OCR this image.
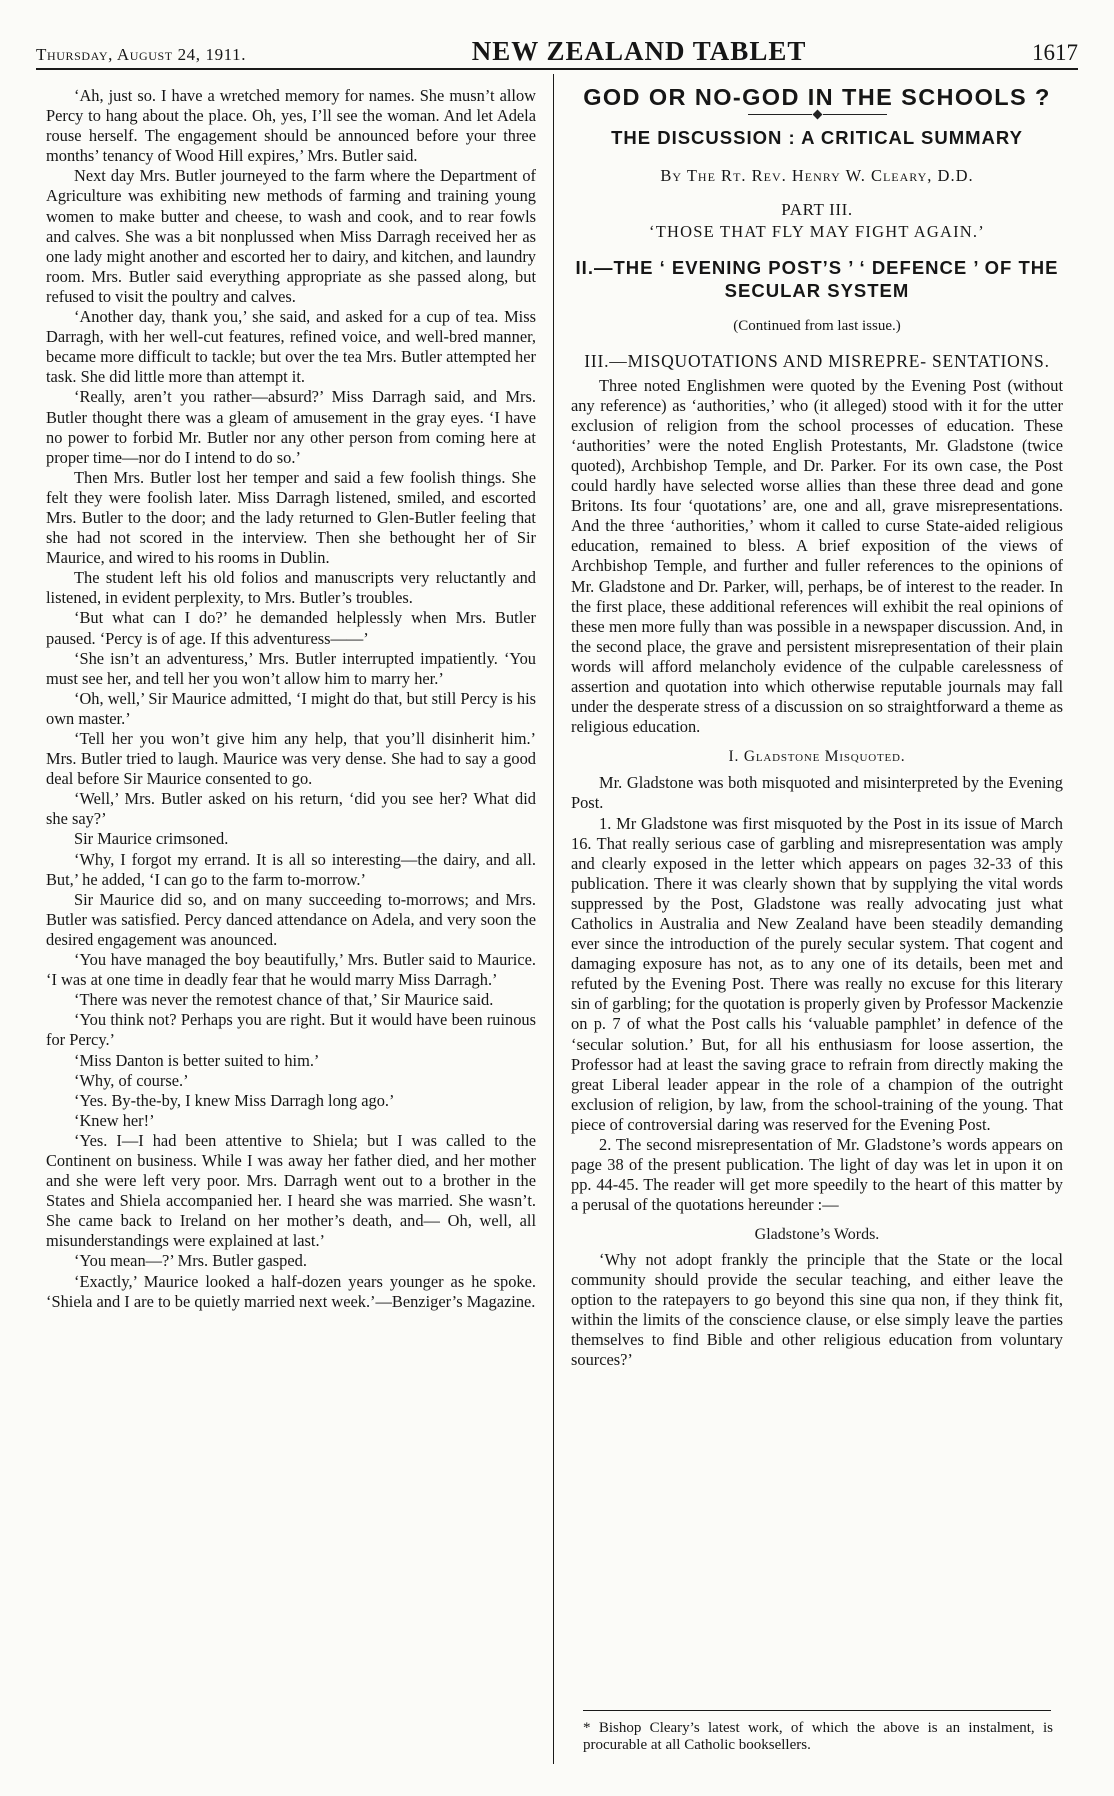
Thursday, August 24, 1911.	NEW ZEALAND TABLET	1617

‘Ah, just so. I have a wretched memory for names. She musn’t allow Percy to hang about the place. Oh, yes, I’ll see the woman. And let Adela rouse herself. The engagement should be announced before your three months’ tenancy of Wood Hill expires,’ Mrs. Butler said.

Next day Mrs. Butler journeyed to the farm where the Department of Agriculture was exhibiting new methods of farming and training young women to make butter and cheese, to wash and cook, and to rear fowls and calves. She was a bit nonplussed when Miss Darragh received her as one lady might another and escorted her to dairy, and kitchen, and laundry room. Mrs. Butler said everything appropriate as she passed along, but refused to visit the poultry and calves.

‘Another day, thank you,’ she said, and asked for a cup of tea. Miss Darragh, with her well-cut features, refined voice, and well-bred manner, became more difficult to tackle; but over the tea Mrs. Butler attempted her task. She did little more than attempt it.

‘Really, aren’t you rather—absurd?’ Miss Darragh said, and Mrs. Butler thought there was a gleam of amusement in the gray eyes. ‘I have no power to forbid Mr. Butler nor any other person from coming here at proper time—nor do I intend to do so.’

Then Mrs. Butler lost her temper and said a few foolish things. She felt they were foolish later. Miss Darragh listened, smiled, and escorted Mrs. Butler to the door; and the lady returned to Glen-Butler feeling that she had not scored in the interview. Then she bethought her of Sir Maurice, and wired to his rooms in Dublin.

The student left his old folios and manuscripts very reluctantly and listened, in evident perplexity, to Mrs. Butler’s troubles.

‘But what can I do?’ he demanded helplessly when Mrs. Butler paused. ‘Percy is of age. If this adventuress——’

‘She isn’t an adventuress,’ Mrs. Butler interrupted impatiently. ‘You must see her, and tell her you won’t allow him to marry her.’

‘Oh, well,’ Sir Maurice admitted, ‘I might do that, but still Percy is his own master.’

‘Tell her you won’t give him any help, that you’ll disinherit him.’ Mrs. Butler tried to laugh. Maurice was very dense. She had to say a good deal before Sir Maurice consented to go.

‘Well,’ Mrs. Butler asked on his return, ‘did you see her? What did she say?’

Sir Maurice crimsoned.

‘Why, I forgot my errand. It is all so interesting—the dairy, and all. But,’ he added, ‘I can go to the farm to-morrow.’

Sir Maurice did so, and on many succeeding to-morrows; and Mrs. Butler was satisfied. Percy danced attendance on Adela, and very soon the desired engagement was anounced.

‘You have managed the boy beautifully,’ Mrs. Butler said to Maurice. ‘I was at one time in deadly fear that he would marry Miss Darragh.’

‘There was never the remotest chance of that,’ Sir Maurice said.

‘You think not? Perhaps you are right. But it would have been ruinous for Percy.’

‘Miss Danton is better suited to him.’

‘Why, of course.’

‘Yes. By-the-by, I knew Miss Darragh long ago.’

‘Knew her!’

‘Yes. I—I had been attentive to Shiela; but I was called to the Continent on business. While I was away her father died, and her mother and she were left very poor. Mrs. Darragh went out to a brother in the States and Shiela accompanied her. I heard she was married. She wasn’t. She came back to Ireland on her mother’s death, and— Oh, well, all misunderstandings were explained at last.’

‘You mean—?’ Mrs. Butler gasped.

‘Exactly,’ Maurice looked a half-dozen years younger as he spoke. ‘Shiela and I are to be quietly married next week.’—Benziger’s Magazine.

GOD OR NO-GOD IN THE SCHOOLS ?
THE DISCUSSION : A CRITICAL SUMMARY
By The Rt. Rev. Henry W. Cleary, D.D.
PART III.
‘THOSE THAT FLY MAY FIGHT AGAIN.’
II.—THE ‘ EVENING POST’S ’ ‘ DEFENCE ’ OF THE SECULAR SYSTEM
(Continued from last issue.)
III.—MISQUOTATIONS AND MISREPRE- SENTATIONS.

Three noted Englishmen were quoted by the Evening Post (without any reference) as ‘authorities,’ who (it alleged) stood with it for the utter exclusion of religion from the school processes of education. These ‘authorities’ were the noted English Protestants, Mr. Gladstone (twice quoted), Archbishop Temple, and Dr. Parker. For its own case, the Post could hardly have selected worse allies than these three dead and gone Britons. Its four ‘quotations’ are, one and all, grave misrepresentations. And the three ‘authorities,’ whom it called to curse State-aided religious education, remained to bless. A brief exposition of the views of Archbishop Temple, and further and fuller references to the opinions of Mr. Gladstone and Dr. Parker, will, perhaps, be of interest to the reader. In the first place, these additional references will exhibit the real opinions of these men more fully than was possible in a newspaper discussion. And, in the second place, the grave and persistent misrepresentation of their plain words will afford melancholy evidence of the culpable carelessness of assertion and quotation into which otherwise reputable journals may fall under the desperate stress of a discussion on so straightforward a theme as religious education.

I. Gladstone Misquoted.

Mr. Gladstone was both misquoted and misinterpreted by the Evening Post.

1. Mr Gladstone was first misquoted by the Post in its issue of March 16. That really serious case of garbling and misrepresentation was amply and clearly exposed in the letter which appears on pages 32-33 of this publication. There it was clearly shown that by supplying the vital words suppressed by the Post, Gladstone was really advocating just what Catholics in Australia and New Zealand have been steadily demanding ever since the introduction of the purely secular system. That cogent and damaging exposure has not, as to any one of its details, been met and refuted by the Evening Post. There was really no excuse for this literary sin of garbling; for the quotation is properly given by Professor Mackenzie on p. 7 of what the Post calls his ‘valuable pamphlet’ in defence of the ‘secular solution.’ But, for all his enthusiasm for loose assertion, the Professor had at least the saving grace to refrain from directly making the great Liberal leader appear in the role of a champion of the outright exclusion of religion, by law, from the school-training of the young. That piece of controversial daring was reserved for the Evening Post.

2. The second misrepresentation of Mr. Gladstone’s words appears on page 38 of the present publication. The light of day was let in upon it on pp. 44-45. The reader will get more speedily to the heart of this matter by a perusal of the quotations hereunder :—

Gladstone’s Words.

‘Why not adopt frankly the principle that the State or the local community should provide the secular teaching, and either leave the option to the ratepayers to go beyond this sine qua non, if they think fit, within the limits of the conscience clause, or else simply leave the parties themselves to find Bible and other religious education from voluntary sources?’

* Bishop Cleary’s latest work, of which the above is an instalment, is procurable at all Catholic booksellers.
